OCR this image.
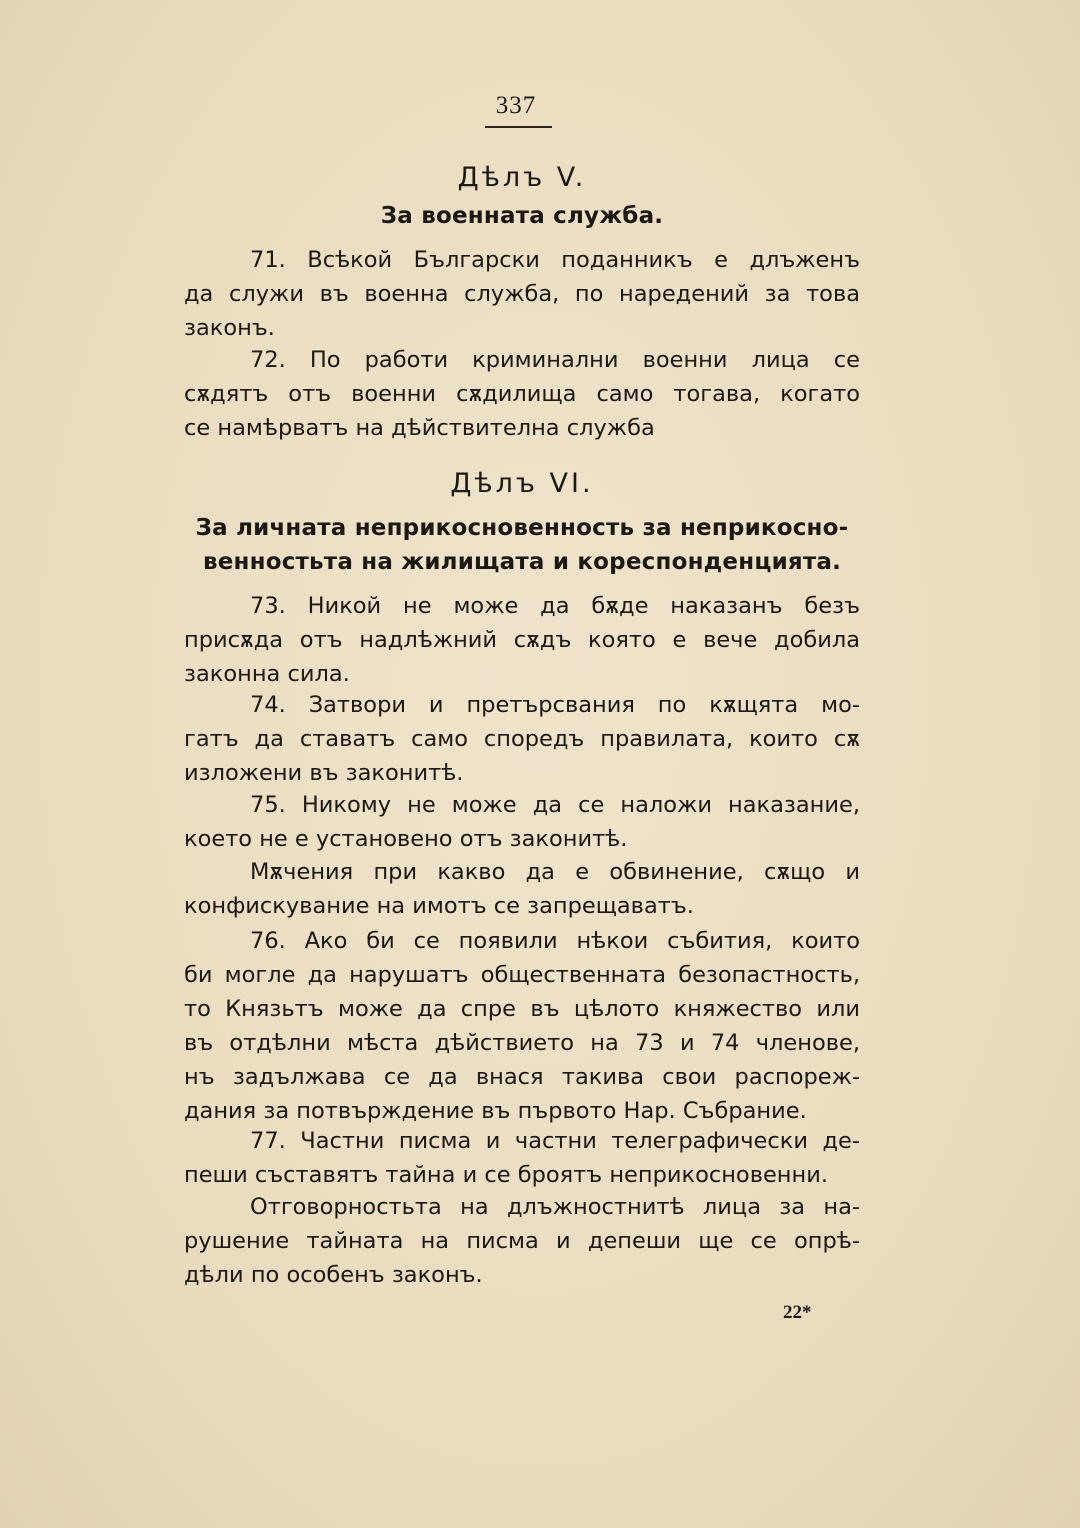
337
Дѣлъ V.
За военната служба.
71. Всѣкой Български поданникъ е длъженъ
да служи въ военна служба, по наредений за това
законъ.
72. По работи криминални военни лица се
сѫдятъ отъ военни сѫдилища само тогава, когато
се намѣрватъ на дѣйствителна служба
Дѣлъ VI.
За личната неприкосновенность за неприкосно-
венностьта на жилищата и кореспонденцията.
73. Никой не може да бѫде наказанъ безъ
присѫда отъ надлѣжний сѫдъ която е вече добила
законна сила.
74. Затвори и претърсвания по кѫщята мо-
гатъ да ставатъ само споредъ правилата, които сѫ
изложени въ законитѣ.
75. Никому не може да се наложи наказание,
което не е установено отъ законитѣ.
Мѫчения при какво да е обвинение, сѫщо и
конфискувание на имотъ се запрещаватъ.
76. Ако би се появили нѣкои събития, които
би могле да нарушатъ общественната безопастность,
то Князьтъ може да спре въ цѣлото княжество или
въ отдѣлни мѣста дѣйствието на 73 и 74 членове,
нъ задължава се да внася такива свои распореж-
дания за потвърждение въ първото Нар. Събрание.
77. Частни писма и частни телеграфически де-
пеши съставятъ тайна и се броятъ неприкосновенни.
Отговорностьта на длъжностнитѣ лица за на-
рушение тайната на писма и депеши ще се опрѣ-
дѣли по особенъ законъ.
22*
